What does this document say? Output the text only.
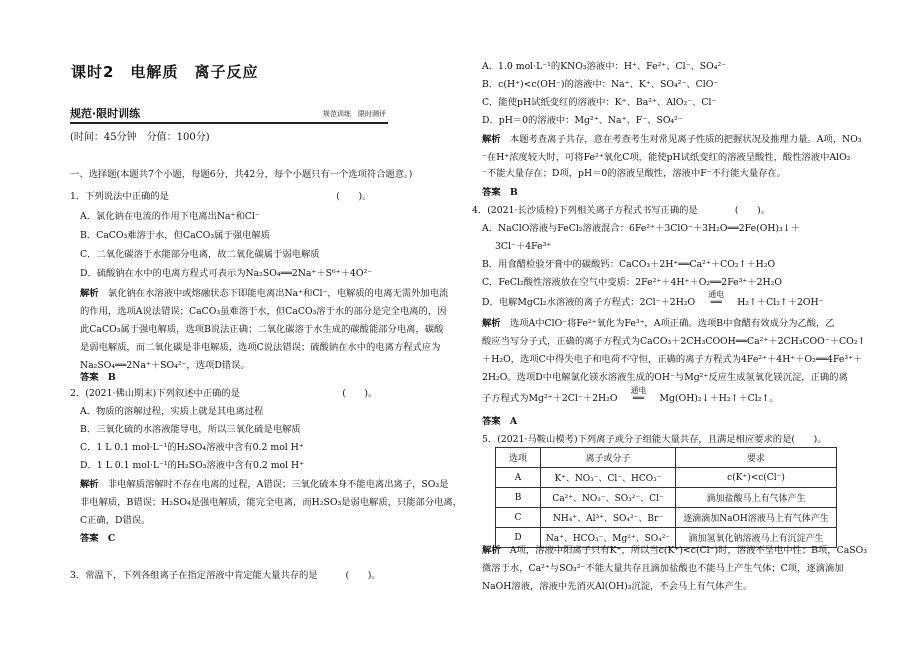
课时2　电解质　离子反应
规范·限时训练	规范训练　限时测评
(时间：45分钟　分值：100分)
一、选择题(本题共7个小题，每题6分，共42分，每个小题只有一个选项符合题意。)
1．下列说法中正确的是　　　　　　　　　　　　　　　　　　(　　)。
A．氯化钠在电流的作用下电离出Na⁺和Cl⁻
B．CaCO₃难溶于水，但CaCO₃属于强电解质
C．二氧化碳溶于水能部分电离，故二氧化碳属于弱电解质
D．硫酸钠在水中的电离方程式可表示为Na₂SO₄══2Na⁺＋S⁶⁺＋4O²⁻
解析　氯化钠在水溶液中或熔融状态下即能电离出Na⁺和Cl⁻，电解质的电离无需外加电流
的作用，选项A说法错误；CaCO₃虽难溶于水，但CaCO₃溶于水的部分是完全电离的，因
此CaCO₃属于强电解质，选项B说法正确；二氧化碳溶于水生成的碳酸能部分电离，碳酸
是弱电解质，而二氧化碳是非电解质，选项C说法错误；硫酸钠在水中的电离方程式应为
Na₂SO₄══2Na⁺＋SO₄²⁻，选项D错误。
答案　B
2．(2021·佛山期末)下列叙述中正确的是　　　　　　　　　　　(　　)。
A．物质的溶解过程，实质上就是其电离过程
B．三氧化硫的水溶液能导电，所以三氧化硫是电解质
C．1 L 0.1 mol·L⁻¹的H₂SO₄溶液中含有0.2 mol H⁺
D．1 L 0.1 mol·L⁻¹的H₂SO₃溶液中含有0.2 mol H⁺
解析　非电解质溶解时不存在电离的过程，A错误；三氧化硫本身不能电离出离子，SO₃是
非电解质，B错误；H₂SO₄是强电解质，能完全电离，而H₂SO₃是弱电解质，只能部分电离，
C正确，D错误。
答案　C
3．常温下，下列各组离子在指定溶液中肯定能大量共存的是　　　(　　)。
A．1.0 mol·L⁻¹的KNO₃溶液中：H⁺、Fe²⁺、Cl⁻、SO₄²⁻
B．c(H⁺)<c(OH⁻)的溶液中：Na⁺、K⁺、SO₄²⁻、ClO⁻
C．能使pH试纸变红的溶液中：K⁺、Ba²⁺、AlO₂⁻、Cl⁻
D．pH＝0的溶液中：Mg²⁺、Na⁺、F⁻、SO₄²⁻
解析　本题考查离子共存，意在考查考生对常见离子性质的把握状况及推理力量。A项，NO₃
⁻在H⁺浓度较大时，可将Fe²⁺氧化C项，能使pH试纸变红的溶液呈酸性，酸性溶液中AlO₂
⁻不能大量存在；D项，pH＝0的溶液呈酸性，溶液中F⁻不行能大量存在。
答案　B
4．(2021·长沙质检)下列相关离子方程式书写正确的是　　　　(　　)。
A．NaClO溶液与FeCl₂溶液混合：6Fe²⁺＋3ClO⁻＋3H₂O══2Fe(OH)₃↓＋
3Cl⁻＋4Fe³⁺
B．用食醋检验牙膏中的碳酸钙：CaCO₃＋2H⁺══Ca²⁺＋CO₂↑＋H₂O
C．FeCl₂酸性溶液放在空气中变质：2Fe²⁺＋4H⁺＋O₂══2Fe³⁺＋2H₂O
D．电解MgCl₂水溶液的离子方程式：2Cl⁻＋2H₂O
通电
══ H₂↑＋Cl₂↑＋2OH⁻
解析　选项A中ClO⁻将Fe²⁺氧化为Fe³⁺，A项正确。选项B中食醋有效成分为乙酸，乙
酸应当写分子式，正确的离子方程式为CaCO₃＋2CH₃COOH══Ca²⁺＋2CH₃COO⁻＋CO₂↑
＋H₂O，选项C中得失电子和电荷不守恒，正确的离子方程式为4Fe²⁺＋4H⁺＋O₂══4Fe³⁺＋
2H₂O。选项D中电解氯化镁水溶液生成的OH⁻与Mg²⁺反应生成氢氧化镁沉淀，正确的离
子方程式为Mg²⁺＋2Cl⁻＋2H₂O
通电
══ Mg(OH)₂↓＋H₂↑＋Cl₂↑。
答案　A
5．(2021·马鞍山模考)下列离子或分子组能大量共存，且满足相应要求的是(　　)。
选项	离子或分子	要求
A	K⁺、NO₃⁻、Cl⁻、HCO₃⁻	c(K⁺)<c(Cl⁻)
B	Ca²⁺、NO₃⁻、SO₃²⁻、Cl⁻	滴加盐酸马上有气体产生
C	NH₄⁺、Al³⁺、SO₄²⁻、Br⁻	逐滴滴加NaOH溶液马上有气体产生
D	Na⁺、HCO₃⁻、Mg²⁺、SO₄²⁻	滴加氢氧化钠溶液马上有沉淀产生
解析　A项，溶液中阳离子只有K⁺，所以当c(K⁺)<c(Cl⁻)时，溶液不呈电中性；B项，CaSO₃
微溶于水，Ca²⁺与SO₃²⁻不能大量共存且滴加盐酸也不能马上产生气体；C项，逐滴滴加
NaOH溶液，溶液中先消灭Al(OH)₃沉淀，不会马上有气体产生。
